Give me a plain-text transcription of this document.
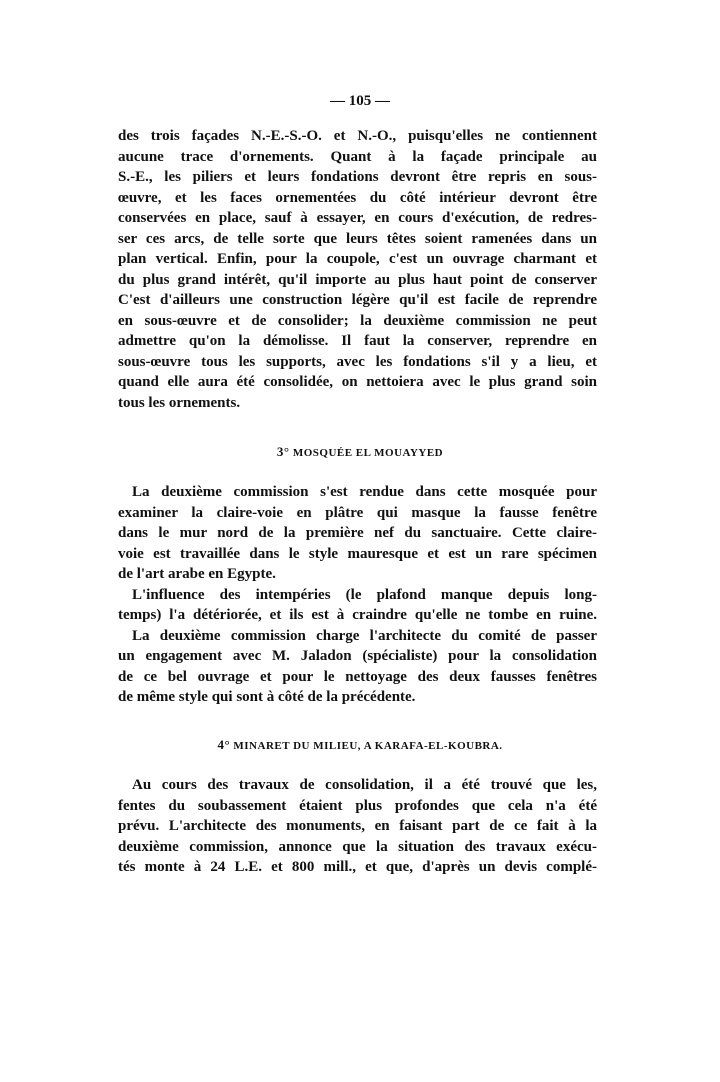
— 105 —
des trois façades N.-E.-S.-O. et N.-O., puisqu'elles ne contiennent
aucune trace d'ornements. Quant à la façade principale au
S.-E., les piliers et leurs fondations devront être repris en sous-
œuvre, et les faces ornementées du côté intérieur devront être
conservées en place, sauf à essayer, en cours d'exécution, de redres-
ser ces arcs, de telle sorte que leurs têtes soient ramenées dans un
plan vertical. Enfin, pour la coupole, c'est un ouvrage charmant et
du plus grand intérêt, qu'il importe au plus haut point de conserver
C'est d'ailleurs une construction légère qu'il est facile de reprendre
en sous-œuvre et de consolider; la deuxième commission ne peut
admettre qu'on la démolisse. Il faut la conserver, reprendre en
sous-œuvre tous les supports, avec les fondations s'il y a lieu, et
quand elle aura été consolidée, on nettoiera avec le plus grand soin
tous les ornements.
3° MOSQUÉE EL MOUAYYED
La deuxième commission s'est rendue dans cette mosquée pour
examiner la claire-voie en plâtre qui masque la fausse fenêtre
dans le mur nord de la première nef du sanctuaire. Cette claire-
voie est travaillée dans le style mauresque et est un rare spécimen
de l'art arabe en Egypte.
L'influence des intempéries (le plafond manque depuis long-
temps) l'a détériorée, et ils est à craindre qu'elle ne tombe en ruine.
La deuxième commission charge l'architecte du comité de passer
un engagement avec M. Jaladon (spécialiste) pour la consolidation
de ce bel ouvrage et pour le nettoyage des deux fausses fenêtres
de même style qui sont à côté de la précédente.
4° MINARET DU MILIEU, A KARAFA-EL-KOUBRA.
Au cours des travaux de consolidation, il a été trouvé que les,
fentes du soubassement étaient plus profondes que cela n'a été
prévu. L'architecte des monuments, en faisant part de ce fait à la
deuxième commission, annonce que la situation des travaux exécu-
tés monte à 24 L.E. et 800 mill., et que, d'après un devis complé-
